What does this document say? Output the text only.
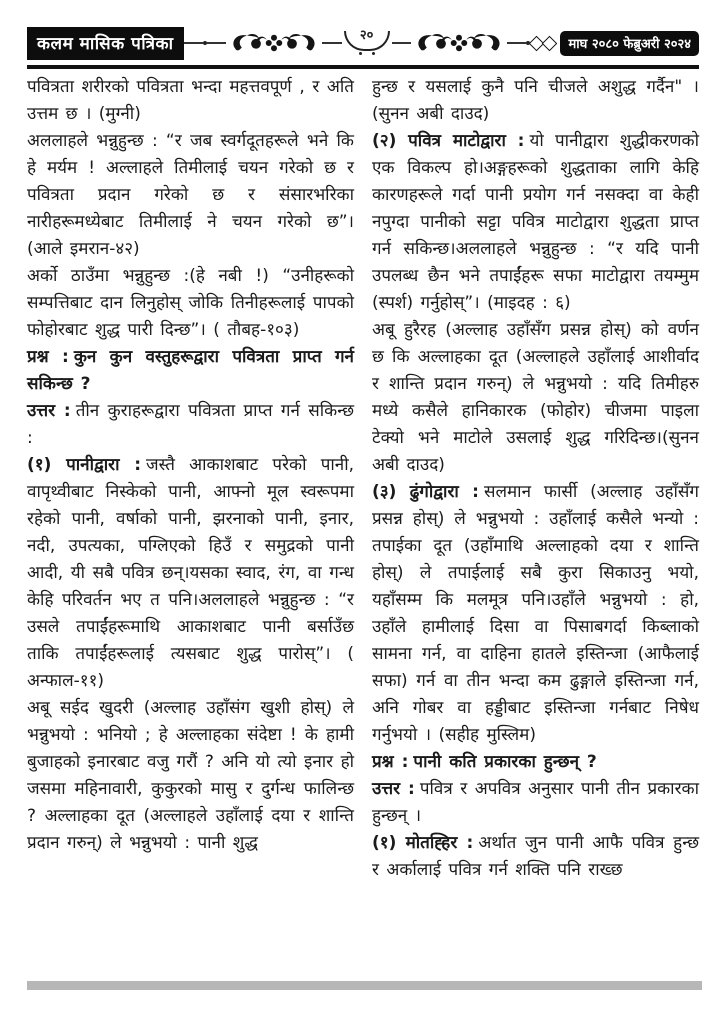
कलम मासिक पत्रिका	२०
माघ २०८० फेब्रुअरी २०२४

पवित्रता शरीरको पवित्रता भन्दा महत्तवपूर्ण , र अति उत्तम छ । (मुग्नी)

अललाहले भन्नुहुन्छ : “र जब स्वर्गदूतहरूले भने कि हे मर्यम ! अल्लाहले तिमीलाई चयन गरेको छ र पवित्रता प्रदान गरेको छ र संसारभरिका नारीहरूमध्येबाट तिमीलाई ने चयन गरेको छ”। (आले इमरान-४२)

अर्को ठाउँमा भन्नुहुन्छ :(हे नबी !) “उनीहरूको सम्पत्तिबाट दान लिनुहोस् जोकि तिनीहरूलाई पापको फोहोरबाट शुद्ध पारी दिन्छ”। ( तौबह-१०३)

प्रश्न : कुन कुन वस्तुहरूद्वारा पवित्रता प्राप्त गर्न सकिन्छ ?

उत्तर : तीन कुराहरूद्वारा पवित्रता प्राप्त गर्न सकिन्छ :

(१) पानीद्वारा : जस्तै आकाशबाट परेको पानी, वापृथ्वीबाट निस्केको पानी, आफ्नो मूल स्वरूपमा रहेको पानी, वर्षाको पानी, झरनाको पानी, इनार, नदी, उपत्यका, पग्लिएको हिउँ र समुद्रको पानी आदी, यी सबै पवित्र छन्।यसका स्वाद, रंग, वा गन्ध केहि परिवर्तन भए त पनि।अललाहले भन्नुहुन्छ : “र उसले तपाईंहरूमाथि आकाशबाट पानी बर्साउँछ ताकि तपाईंहरूलाई त्यसबाट शुद्ध पारोस्”। ( अन्फाल-११)

अबू सईद खुदरी (अल्लाह उहाँसंग खुशी होस्) ले भन्नुभयो : भनियो ; हे अल्लाहका संदेष्टा ! के हामी बुजाहको इनारबाट वजु गरौं ? अनि यो त्यो इनार हो जसमा महिनावारी, कुकुरको मासु र दुर्गन्ध फालिन्छ ? अल्लाहका दूत (अल्लाहले उहाँलाई दया र शान्ति प्रदान गरुन्) ले भन्नुभयो : पानी शुद्ध

हुन्छ र यसलाई कुनै पनि चीजले अशुद्ध गर्दैन" । (सुनन अबी दाउद)

(२) पवित्र माटोद्वारा : यो पानीद्वारा शुद्धीकरणको एक विकल्प हो।अङ्गहरूको शुद्धताका लागि केहि कारणहरूले गर्दा पानी प्रयोग गर्न नसक्दा वा केही नपुग्दा पानीको सट्टा पवित्र माटोद्वारा शुद्धता प्राप्त गर्न सकिन्छ।अललाहले भन्नुहुन्छ : “र यदि पानी उपलब्ध छैन भने तपाईंहरू सफा माटोद्वारा तयम्मुम (स्पर्श) गर्नुहोस्”। (माइदह : ६)

अबू हुरैरह (अल्लाह उहाँसँग प्रसन्न होस्) को वर्णन छ कि अल्लाहका दूत (अल्लाहले उहाँलाई आशीर्वाद र शान्ति प्रदान गरुन्) ले भन्नुभयो : यदि तिमीहरु मध्ये कसैले हानिकारक (फोहोर) चीजमा पाइला टेक्यो भने माटोले उसलाई शुद्ध गरिदिन्छ।(सुनन अबी दाउद)

(३) ढुंगोद्वारा : सलमान फार्सी (अल्लाह उहाँसँग प्रसन्न होस्) ले भन्नुभयो : उहाँलाई कसैले भन्यो : तपाईका दूत (उहाँमाथि अल्लाहको दया र शान्ति होस्) ले तपाईलाई सबै कुरा सिकाउनु भयो, यहाँसम्म कि मलमूत्र पनि।उहाँले भन्नुभयो : हो, उहाँले हामीलाई दिसा वा पिसाबगर्दा किब्लाको सामना गर्न, वा दाहिना हातले इस्तिन्जा (आफैलाई सफा) गर्न वा तीन भन्दा कम ढुङ्गाले इस्तिन्जा गर्न, अनि गोबर वा हड्डीबाट इस्तिन्जा गर्नबाट निषेध गर्नुभयो । (सहीह मुस्लिम)

प्रश्न : पानी कति प्रकारका हुन्छन् ?

उत्तर : पवित्र र अपवित्र अनुसार पानी तीन प्रकारका हुन्छन् ।

(१) मोतह्हिर : अर्थात जुन पानी आफै पवित्र हुन्छ र अर्कालाई पवित्र गर्न शक्ति पनि राख्छ
